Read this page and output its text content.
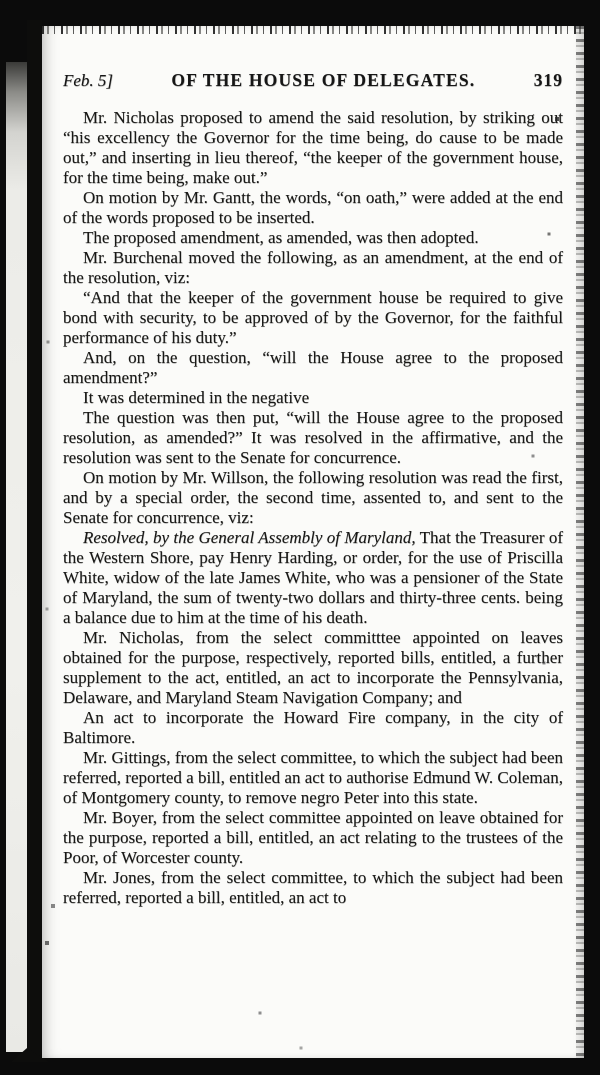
Feb. 5]	OF THE HOUSE OF DELEGATES.	319

Mr. Nicholas proposed to amend the said resolution, by striking out “his excellency the Governor for the time being, do cause to be made out,” and inserting in lieu thereof, “the keeper of the government house, for the time being, make out.”

On motion by Mr. Gantt, the words, “on oath,” were added at the end of the words proposed to be inserted.

The proposed amendment, as amended, was then adopted.

Mr. Burchenal moved the following, as an amendment, at the end of the resolution, viz:

“And that the keeper of the government house be required to give bond with security, to be approved of by the Governor, for the faithful performance of his duty.”

And, on the question, “will the House agree to the proposed amendment?”

It was determined in the negative

The question was then put, “will the House agree to the proposed resolution, as amended?” It was resolved in the affirmative, and the resolution was sent to the Senate for concurrence.

On motion by Mr. Willson, the following resolution was read the first, and by a special order, the second time, assented to, and sent to the Senate for concurrence, viz:

Resolved, by the General Assembly of Maryland, That the Treasurer of the Western Shore, pay Henry Harding, or order, for the use of Priscilla White, widow of the late James White, who was a pensioner of the State of Maryland, the sum of twenty-two dollars and thirty-three cents. being a balance due to him at the time of his death.

Mr. Nicholas, from the select committtee appointed on leaves obtained for the purpose, respectively, reported bills, entitled, a further supplement to the act, entitled, an act to incorporate the Pennsylvania, Delaware, and Maryland Steam Navigation Company; and

An act to incorporate the Howard Fire company, in the city of Baltimore.

Mr. Gittings, from the select committee, to which the subject had been referred, reported a bill, entitled an act to authorise Edmund W. Coleman, of Montgomery county, to remove negro Peter into this state.

Mr. Boyer, from the select committee appointed on leave obtained for the purpose, reported a bill, entitled, an act relating to the trustees of the Poor, of Worcester county.

Mr. Jones, from the select committee, to which the subject had been referred, reported a bill, entitled, an act to
